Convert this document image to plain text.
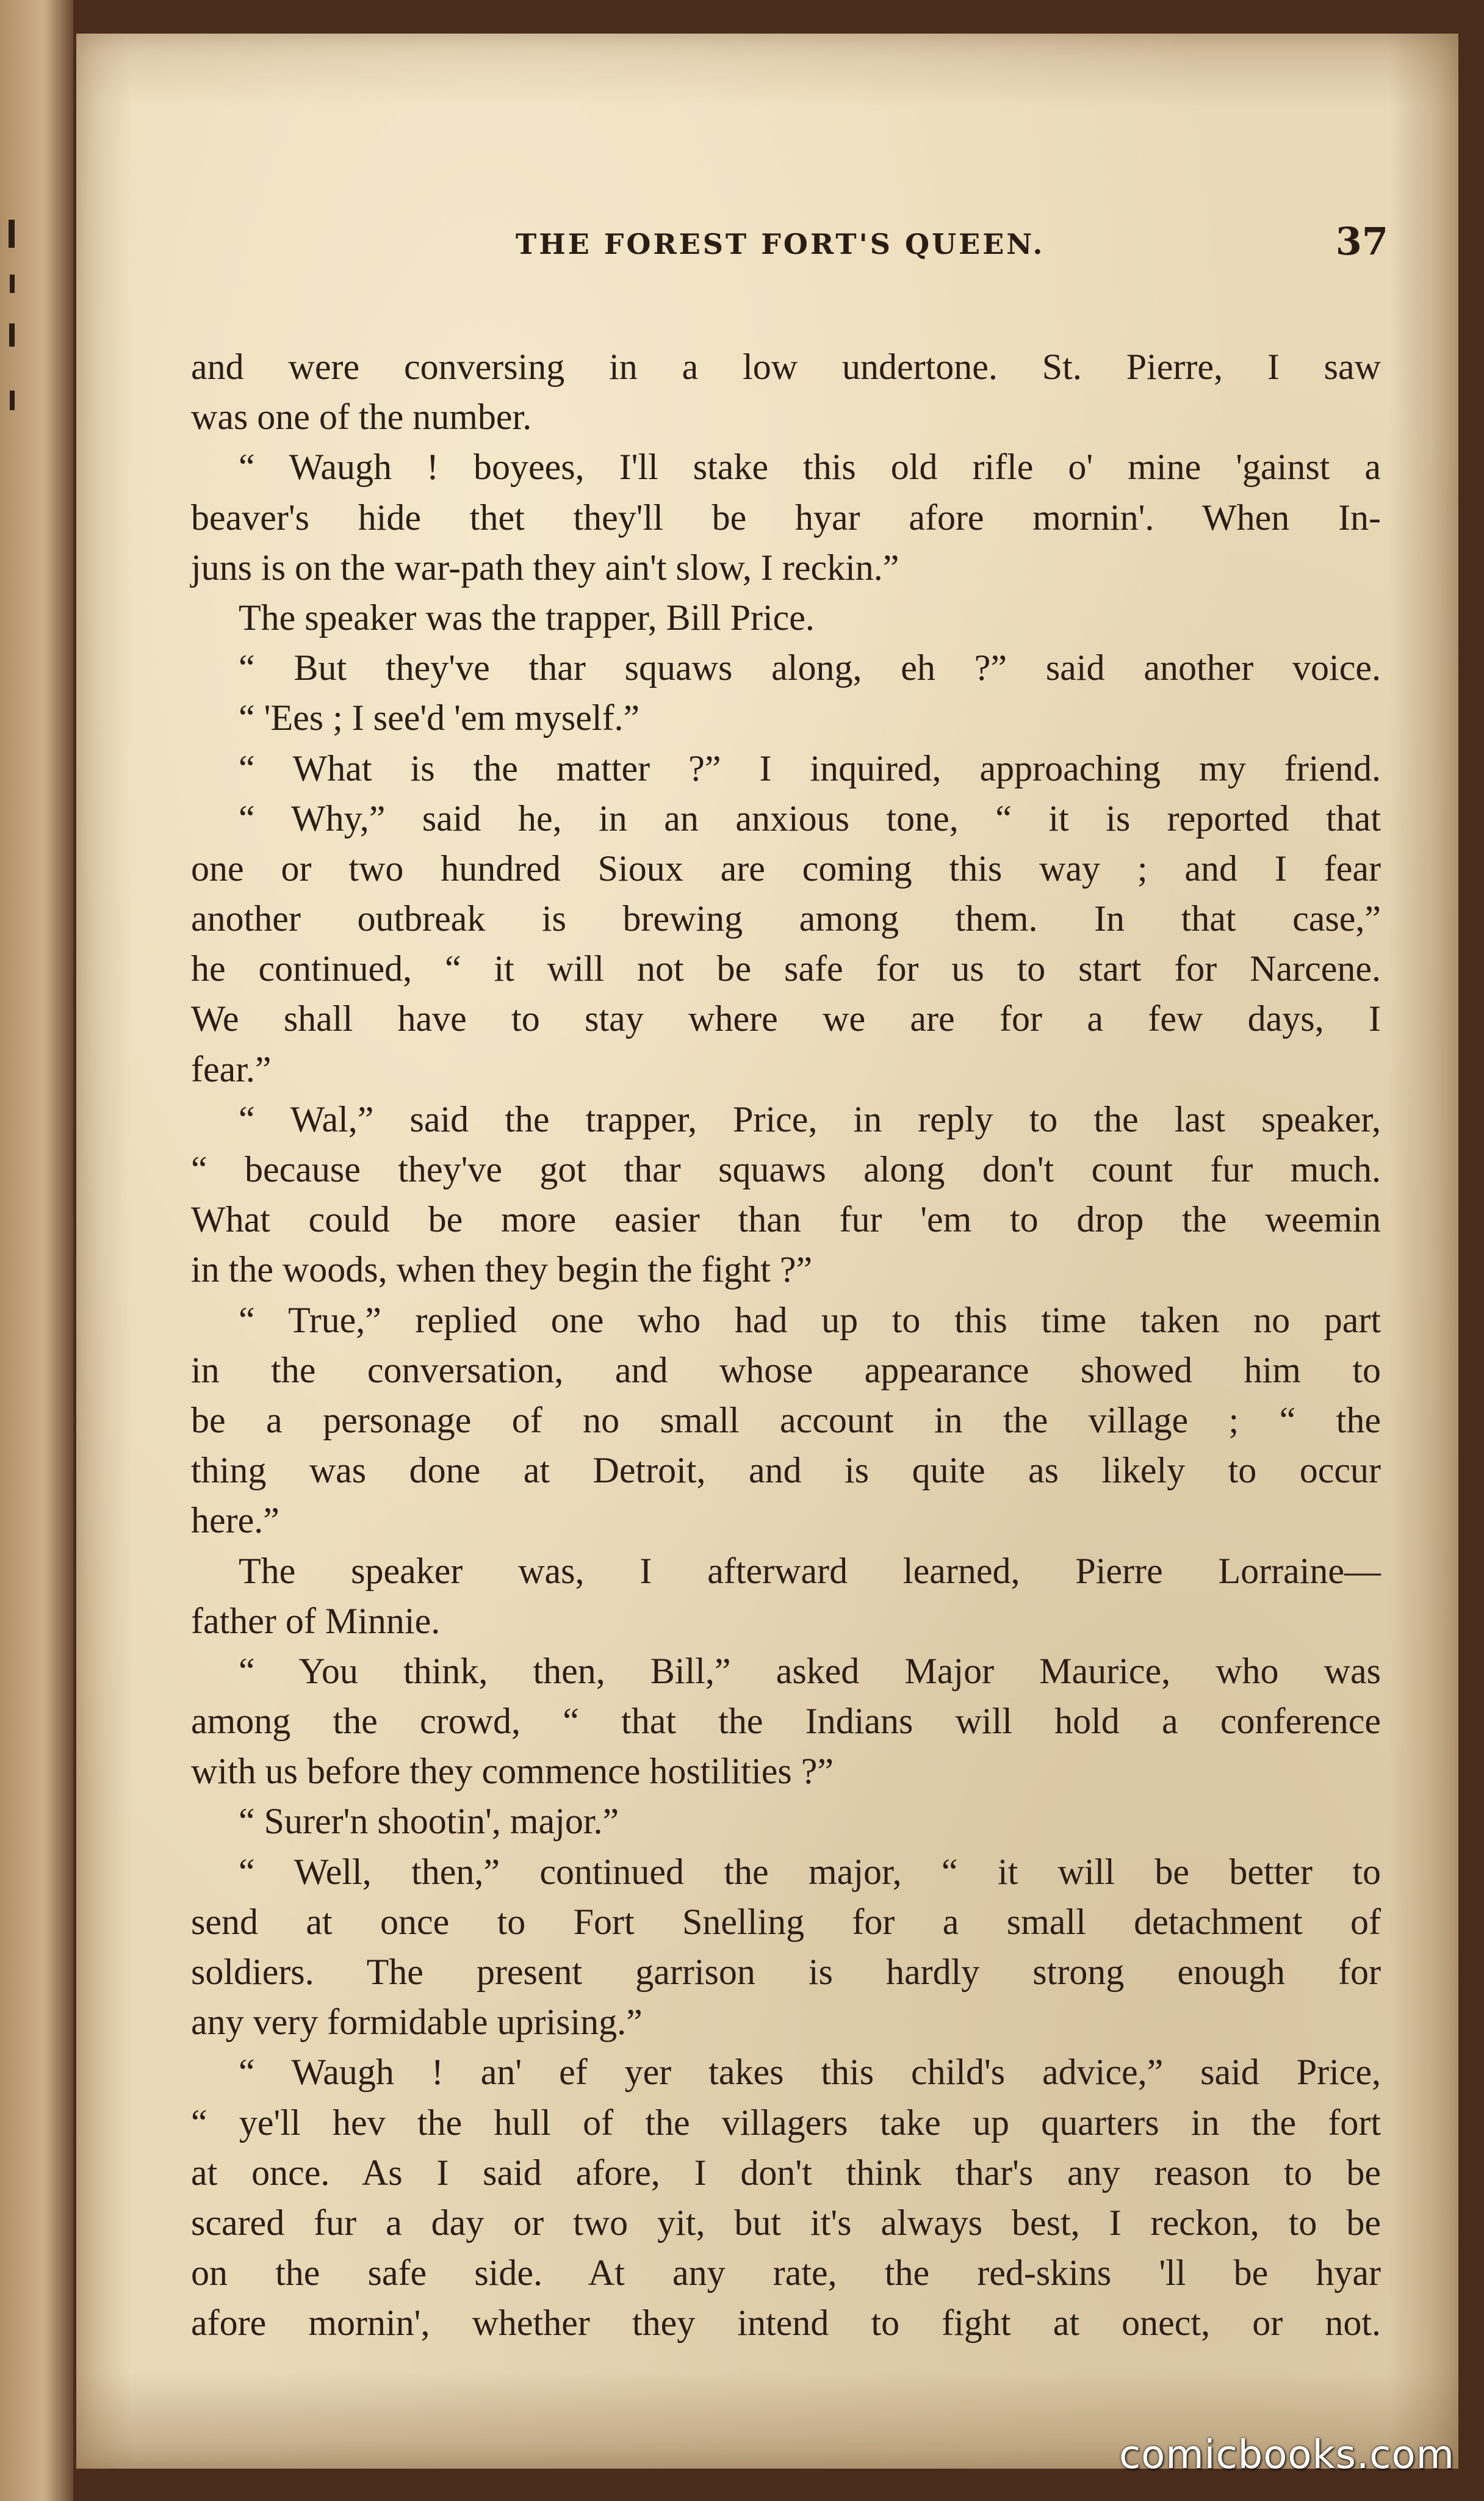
THE FOREST FORT'S QUEEN.	37
and were conversing in a low undertone. St. Pierre, I saw
was one of the number.
“ Waugh ! boyees, I'll stake this old rifle o' mine 'gainst a
beaver's hide thet they'll be hyar afore mornin'. When In-
juns is on the war-path they ain't slow, I reckin.”
The speaker was the trapper, Bill Price.
“ But they've thar squaws along, eh ?” said another voice.
“ 'Ees ; I see'd 'em myself.”
“ What is the matter ?” I inquired, approaching my friend.
“ Why,” said he, in an anxious tone, “ it is reported that
one or two hundred Sioux are coming this way ; and I fear
another outbreak is brewing among them. In that case,”
he continued, “ it will not be safe for us to start for Narcene.
We shall have to stay where we are for a few days, I
fear.”
“ Wal,” said the trapper, Price, in reply to the last speaker,
“ because they've got thar squaws along don't count fur much.
What could be more easier than fur 'em to drop the weemin
in the woods, when they begin the fight ?”
“ True,” replied one who had up to this time taken no part
in the conversation, and whose appearance showed him to
be a personage of no small account in the village ; “ the
thing was done at Detroit, and is quite as likely to occur
here.”
The speaker was, I afterward learned, Pierre Lorraine—
father of Minnie.
“ You think, then, Bill,” asked Major Maurice, who was
among the crowd, “ that the Indians will hold a conference
with us before they commence hostilities ?”
“ Surer'n shootin', major.”
“ Well, then,” continued the major, “ it will be better to
send at once to Fort Snelling for a small detachment of
soldiers. The present garrison is hardly strong enough for
any very formidable uprising.”
“ Waugh ! an' ef yer takes this child's advice,” said Price,
“ ye'll hev the hull of the villagers take up quarters in the fort
at once. As I said afore, I don't think thar's any reason to be
scared fur a day or two yit, but it's always best, I reckon, to be
on the safe side. At any rate, the red-skins 'll be hyar
afore mornin', whether they intend to fight at onect, or not.
comicbooks.com
